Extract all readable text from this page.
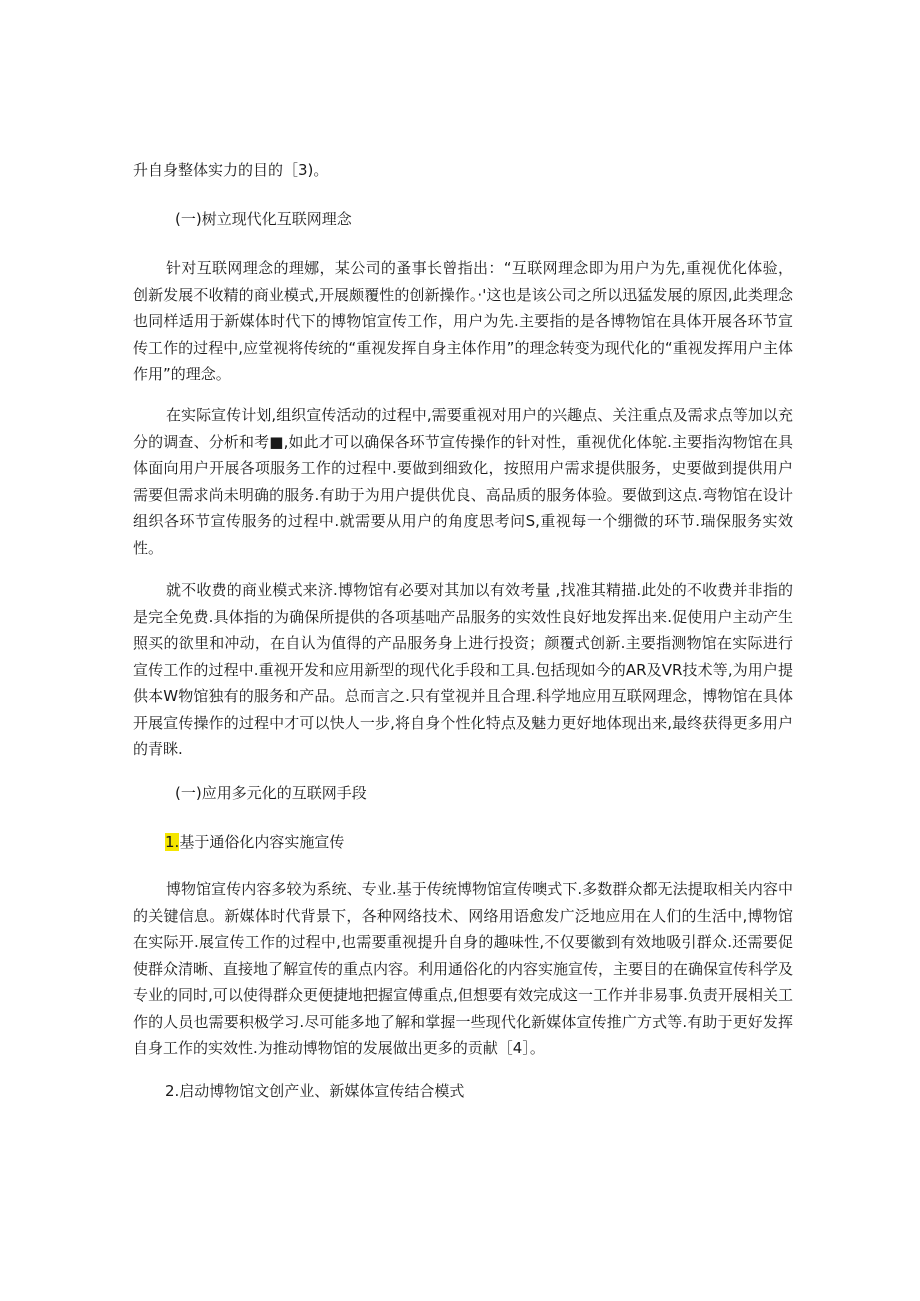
升自身整体实力的目的［3)。
(一)树立现代化互联网理念

针对互联网理念的理娜，某公司的蚤事长曾指出：“互联网理念即为用户为先,重视优化体验，创新发展不收精的商业模式,开展颇覆性的创新操作。·'这也是该公司之所以迅猛发展的原因,此类理念也同样适用于新媒体时代下的博物馆宣传工作，用户为先.主要指的是各博物馆在具体开展各环节宣传工作的过程中,应堂视将传统的“重视发挥自身主体作用”的理念转变为现代化的“重视发挥用户主体作用”的理念。

在实际宣传计划,组织宣传活动的过程中,需要重视对用户的兴趣点、关注重点及需求点等加以充分的调查、分析和考■,如此才可以确保各环节宣传操作的针对性，重视优化体鸵.主要指沟物馆在具体面向用户开展各项服务工作的过程中.要做到细致化，按照用户需求提供服务，史要做到提供用户需要但需求尚未明确的服务.有助于为用户提供优良、高品质的服务体验。要做到这点.弯物馆在设计组织各环节宣传服务的过程中.就需要从用户的角度思考问S,重视每一个绷微的环节.瑞保服务实效性。

就不收费的商业模式来济.博物馆有必要对其加以有效考量 ,找准其精描.此处的不收费并非指的是完全免费.具体指的为确保所提供的各项基咄产品服务的实效性良好地发挥出来.促使用户主动产生照买的欲里和冲动，在自认为值得的产品服务身上进行投资；颜覆式创新.主要指测物馆在实际进行宣传工作的过程中.重视开发和应用新型的现代化手段和工具.包括现如今的AR及VR技术等,为用户提供本W物馆独有的服务和产品。总而言之.只有堂视并且合理.科学地应用互联网理念，博物馆在具体开展宣传操作的过程中才可以快人一步,将自身个性化特点及魅力更好地体现出来,最终获得更多用户的青眯.

(一)应用多元化的互联网手段
1.基于通俗化内容实施宣传

博物馆宣传内容多较为系统、专业.基于传统博物馆宣传噢式下.多数群众都无法提取相关内容中的关键信息。新媒体时代背景下，各种网络技术、网络用语愈发广泛地应用在人们的生活中,博物馆在实际开.展宣传工作的过程中,也需要重视提升自身的趣味性,不仅要徽到有效地吸引群众.还需要促使群众清晰、直接地了解宣传的重点内容。利用通俗化的内容实施宣传，主要目的在确保宣传科学及专业的同时,可以使得群众更便捷地把握宣傅重点,但想要有效完成这一工作并非易事.负责开展相关工作的人员也需要积极学习.尽可能多地了解和掌握一些现代化新媒体宣传推广方式等.有助于更好发挥自身工作的实效性.为推动博物馆的发展做出更多的贡献［4］。

2.启动博物馆文创产业、新媒体宣传结合模式
